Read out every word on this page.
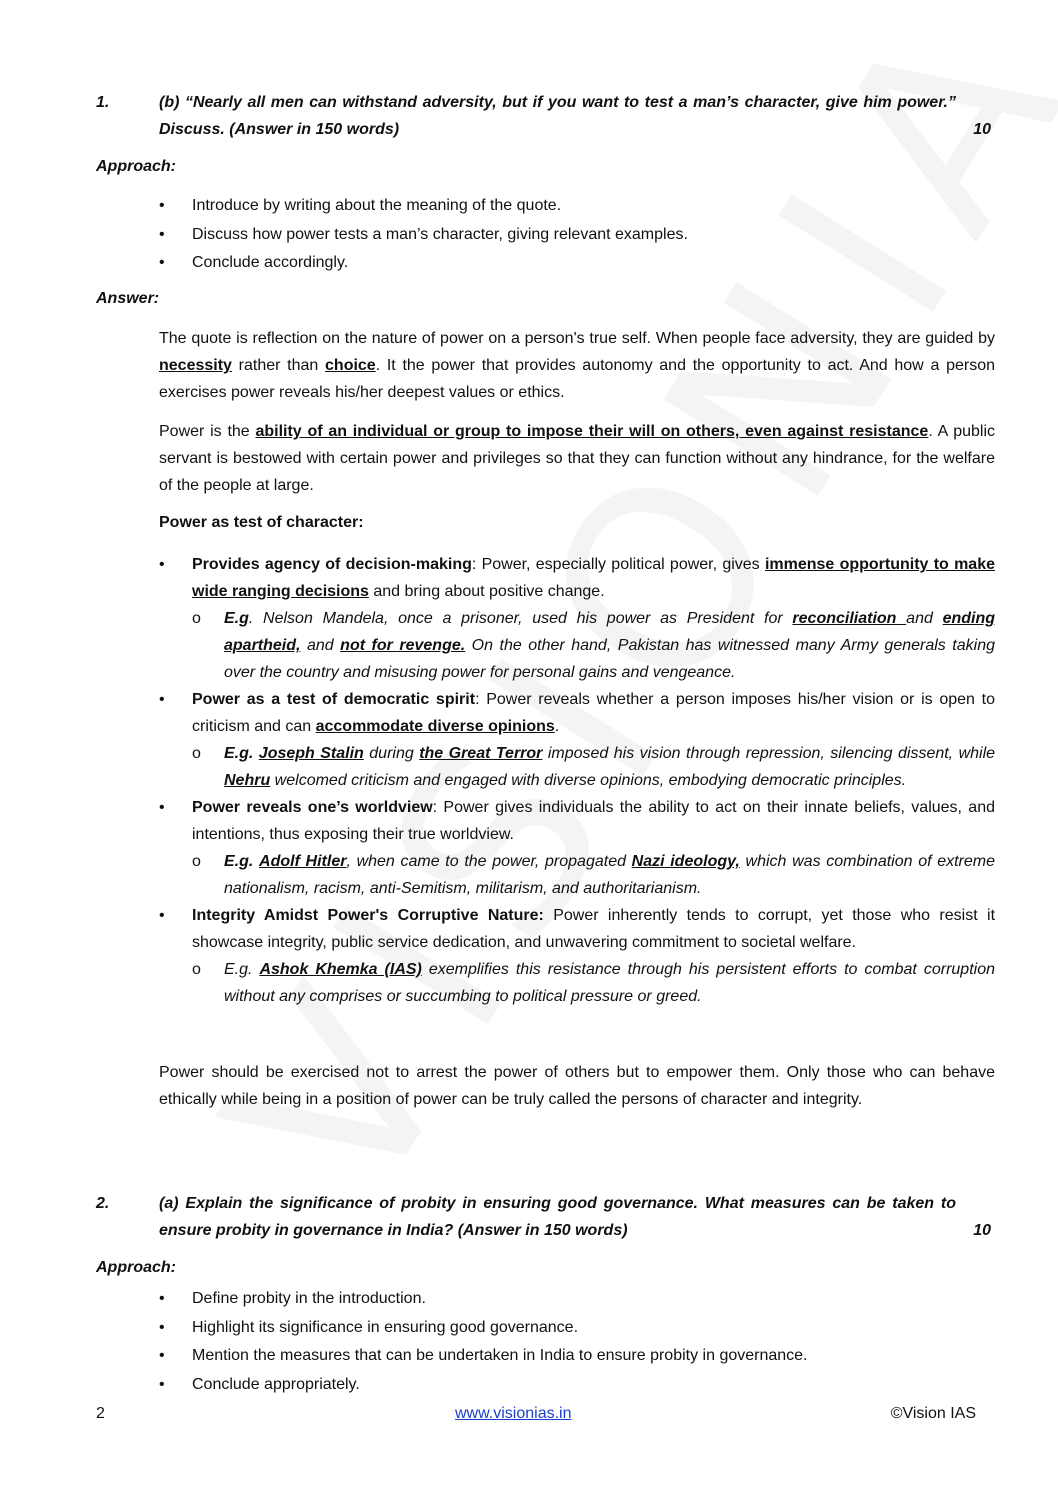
1.	(b) “Nearly all men can withstand adversity, but if you want to test a man’s character, give him power.” Discuss. (Answer in 150 words)	10
Approach:
• Introduce by writing about the meaning of the quote.
• Discuss how power tests a man’s character, giving relevant examples.
• Conclude accordingly.
Answer:
The quote is reflection on the nature of power on a person's true self. When people face adversity, they are guided by necessity rather than choice. It the power that provides autonomy and the opportunity to act. And how a person exercises power reveals his/her deepest values or ethics.
Power is the ability of an individual or group to impose their will on others, even against resistance. A public servant is bestowed with certain power and privileges so that they can function without any hindrance, for the welfare of the people at large.
Power as test of character:
• Provides agency of decision-making: Power, especially political power, gives immense opportunity to make wide ranging decisions and bring about positive change.
o E.g. Nelson Mandela, once a prisoner, used his power as President for reconciliation and ending apartheid, and not for revenge. On the other hand, Pakistan has witnessed many Army generals taking over the country and misusing power for personal gains and vengeance.
• Power as a test of democratic spirit: Power reveals whether a person imposes his/her vision or is open to criticism and can accommodate diverse opinions.
o E.g. Joseph Stalin during the Great Terror imposed his vision through repression, silencing dissent, while Nehru welcomed criticism and engaged with diverse opinions, embodying democratic principles.
• Power reveals one’s worldview: Power gives individuals the ability to act on their innate beliefs, values, and intentions, thus exposing their true worldview.
o E.g. Adolf Hitler, when came to the power, propagated Nazi ideology, which was combination of extreme nationalism, racism, anti-Semitism, militarism, and authoritarianism.
• Integrity Amidst Power's Corruptive Nature: Power inherently tends to corrupt, yet those who resist it showcase integrity, public service dedication, and unwavering commitment to societal welfare.
o E.g. Ashok Khemka (IAS) exemplifies this resistance through his persistent efforts to combat corruption without any comprises or succumbing to political pressure or greed.
Power should be exercised not to arrest the power of others but to empower them. Only those who can behave ethically while being in a position of power can be truly called the persons of character and integrity.
2.	(a) Explain the significance of probity in ensuring good governance. What measures can be taken to ensure probity in governance in India? (Answer in 150 words)	10
Approach:
• Define probity in the introduction.
• Highlight its significance in ensuring good governance.
• Mention the measures that can be undertaken in India to ensure probity in governance.
• Conclude appropriately.
2	www.visionias.in	©Vision IAS
